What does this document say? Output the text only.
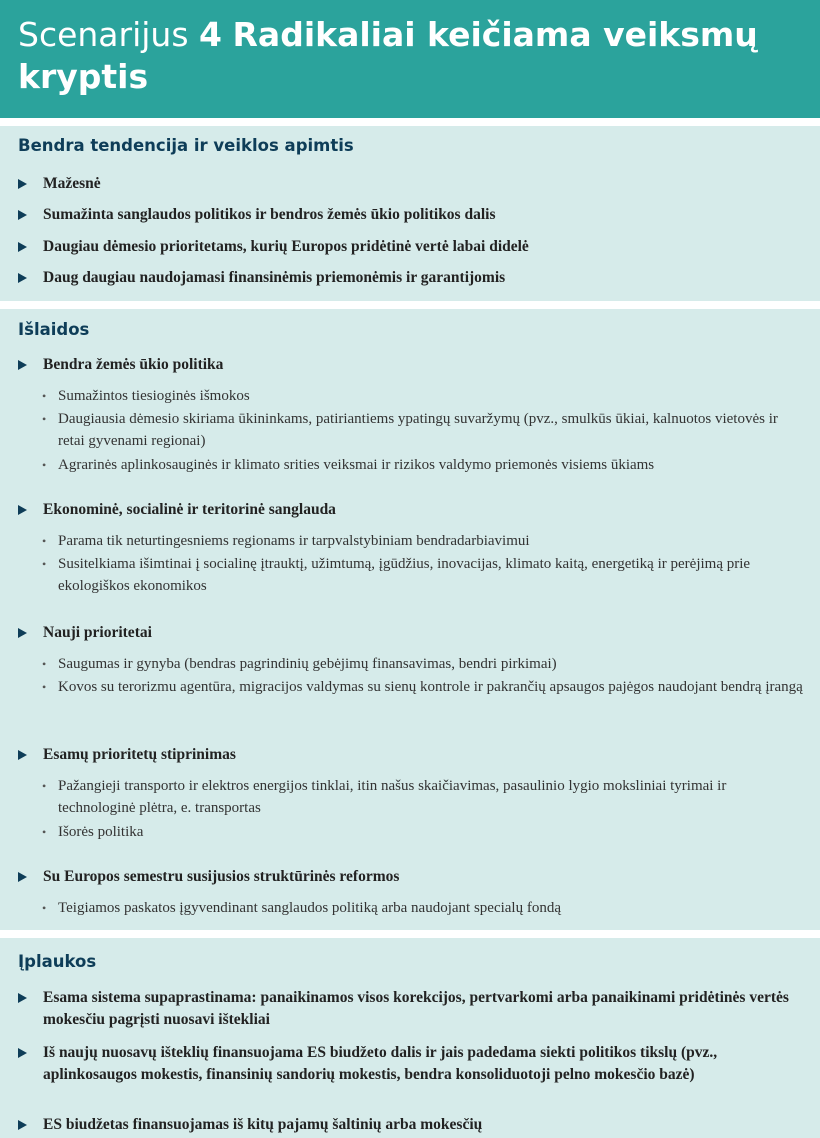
Scenarijus 4 Radikaliai keičiama veiksmų
kryptis
Bendra tendencija ir veiklos apimtis
Mažesnė
Sumažinta sanglaudos politikos ir bendros žemės ūkio politikos dalis
Daugiau dėmesio prioritetams, kurių Europos pridėtinė vertė labai didelė
Daug daugiau naudojamasi finansinėmis priemonėmis ir garantijomis
Išlaidos
Bendra žemės ūkio politika
• Sumažintos tiesioginės išmokos
• Daugiausia dėmesio skiriama ūkininkams, patiriantiems ypatingų suvaržymų (pvz., smulkūs ūkiai, kalnuotos vietovės ir retai gyvenami regionai)
• Agrarinės aplinkosauginės ir klimato srities veiksmai ir rizikos valdymo priemonės visiems ūkiams
Ekonominė, socialinė ir teritorinė sanglauda
• Parama tik neturtingesniems regionams ir tarpvalstybiniam bendradarbiavimui
• Susitelkiama išimtinai į socialinę įtrauktį, užimtumą, įgūdžius, inovacijas, klimato kaitą, energetiką ir perėjimą prie ekologiškos ekonomikos
Nauji prioritetai
• Saugumas ir gynyba (bendras pagrindinių gebėjimų finansavimas, bendri pirkimai)
• Kovos su terorizmu agentūra, migracijos valdymas su sienų kontrole ir pakrančių apsaugos pajėgos naudojant bendrą įrangą
Esamų prioritetų stiprinimas
• Pažangieji transporto ir elektros energijos tinklai, itin našus skaičiavimas, pasaulinio lygio moksliniai tyrimai ir technologinė plėtra, e. transportas
• Išorės politika
Su Europos semestru susijusios struktūrinės reformos
• Teigiamos paskatos įgyvendinant sanglaudos politiką arba naudojant specialų fondą
Įplaukos
Esama sistema supaprastinama: panaikinamos visos korekcijos, pertvarkomi arba panaikinami pridėtinės vertės mokesčiu pagrįsti nuosavi ištekliai
Iš naujų nuosavų išteklių finansuojama ES biudžeto dalis ir jais padedama siekti politikos tikslų (pvz., aplinkosaugos mokestis, finansinių sandorių mokestis, bendra konsoliduotoji pelno mokesčio bazė)
ES biudžetas finansuojamas iš kitų pajamų šaltinių arba mokesčių
